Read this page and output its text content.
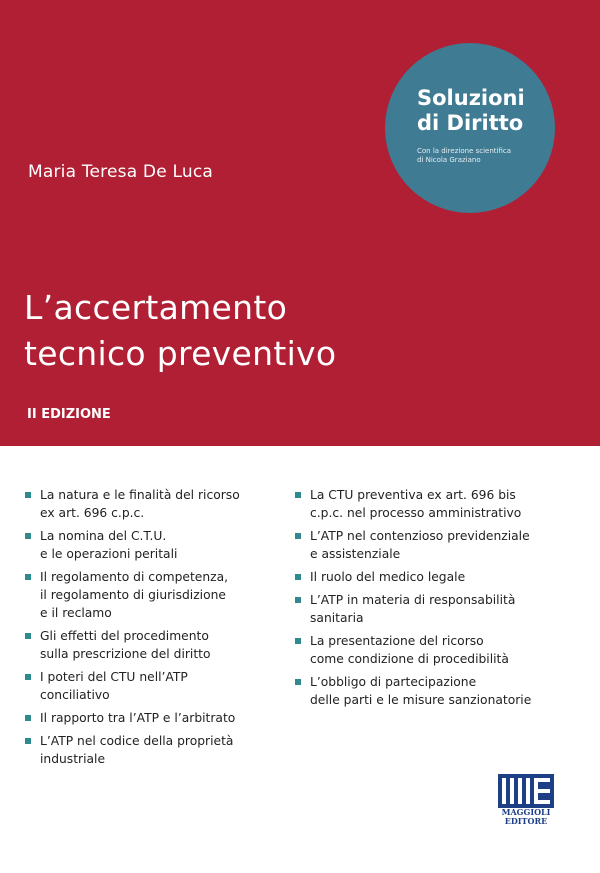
Soluzioni
di Diritto
Con la direzione scientifica
di Nicola Graziano
Maria Teresa De Luca
L’accertamento
tecnico preventivo
II EDIZIONE
La natura e le finalità del ricorso
ex art. 696 c.p.c.
La nomina del C.T.U.
e le operazioni peritali
Il regolamento di competenza,
il regolamento di giurisdizione
e il reclamo
Gli effetti del procedimento
sulla prescrizione del diritto
I poteri del CTU nell’ATP
conciliativo
Il rapporto tra l’ATP e l’arbitrato
L’ATP nel codice della proprietà
industriale
La CTU preventiva ex art. 696 bis
c.p.c. nel processo amministrativo
L’ATP nel contenzioso previdenziale
e assistenziale
Il ruolo del medico legale
L’ATP in materia di responsabilità
sanitaria
La presentazione del ricorso
come condizione di procedibilità
L’obbligo di partecipazione
delle parti e le misure sanzionatorie
MAGGIOLI
EDITORE
